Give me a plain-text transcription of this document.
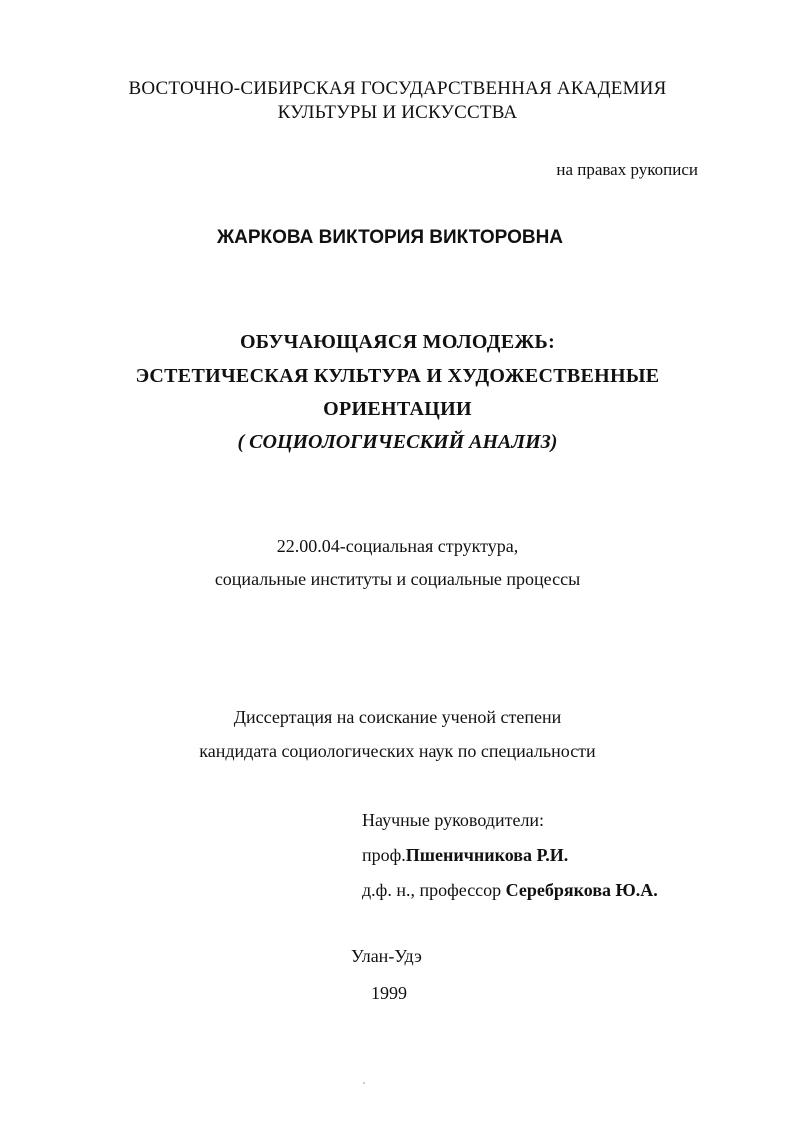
ВОСТОЧНО-СИБИРСКАЯ ГОСУДАРСТВЕННАЯ АКАДЕМИЯ
КУЛЬТУРЫ И ИСКУССТВА
на правах рукописи
ЖАРКОВА ВИКТОРИЯ ВИКТОРОВНА
ОБУЧАЮЩАЯСЯ МОЛОДЕЖЬ:
ЭСТЕТИЧЕСКАЯ КУЛЬТУРА И ХУДОЖЕСТВЕННЫЕ
ОРИЕНТАЦИИ
( СОЦИОЛОГИЧЕСКИЙ АНАЛИЗ)
22.00.04-социальная структура,
социальные институты и социальные процессы
Диссертация на соискание ученой степени
кандидата социологических наук по специальности
Научные руководители:
проф.Пшеничникова Р.И.
д.ф. н., профессор Серебрякова Ю.А.
Улан-Удэ
1999
